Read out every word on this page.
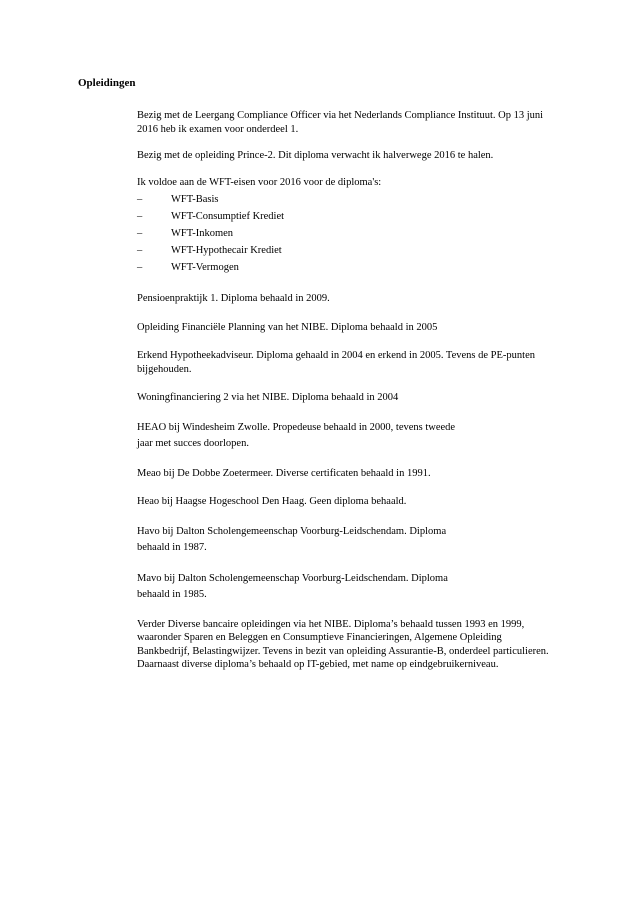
Opleidingen

Bezig met de Leergang Compliance Officer via het Nederlands Compliance Instituut. Op 13 juni
2016 heb ik examen voor onderdeel 1.

Bezig met de opleiding Prince-2. Dit diploma verwacht ik halverwege 2016 te halen.

Ik voldoe aan de WFT-eisen voor 2016 voor de diploma's:

–	WFT-Basis
–	WFT-Consumptief Krediet
–	WFT-Inkomen
–	WFT-Hypothecair Krediet
–	WFT-Vermogen

Pensioenpraktijk 1. Diploma behaald in 2009.

Opleiding Financiële Planning van het NIBE. Diploma behaald in 2005

Erkend Hypotheekadviseur. Diploma gehaald in 2004 en erkend in 2005. Tevens de PE-punten
bijgehouden.

Woningfinanciering 2 via het NIBE. Diploma behaald in 2004

HEAO bij Windesheim Zwolle. Propedeuse behaald in 2000, tevens tweede
jaar met succes doorlopen.

Meao bij De Dobbe Zoetermeer. Diverse certificaten behaald in 1991.

Heao bij Haagse Hogeschool Den Haag. Geen diploma behaald.

Havo bij Dalton Scholengemeenschap Voorburg-Leidschendam. Diploma
behaald in 1987.

Mavo bij Dalton Scholengemeenschap Voorburg-Leidschendam. Diploma
behaald in 1985.

Verder Diverse bancaire opleidingen via het NIBE. Diploma’s behaald tussen 1993 en 1999,
waaronder Sparen en Beleggen en Consumptieve Financieringen, Algemene Opleiding
Bankbedrijf, Belastingwijzer. Tevens in bezit van opleiding Assurantie-B, onderdeel particulieren.
Daarnaast diverse diploma’s behaald op IT-gebied, met name op eindgebruikerniveau.
